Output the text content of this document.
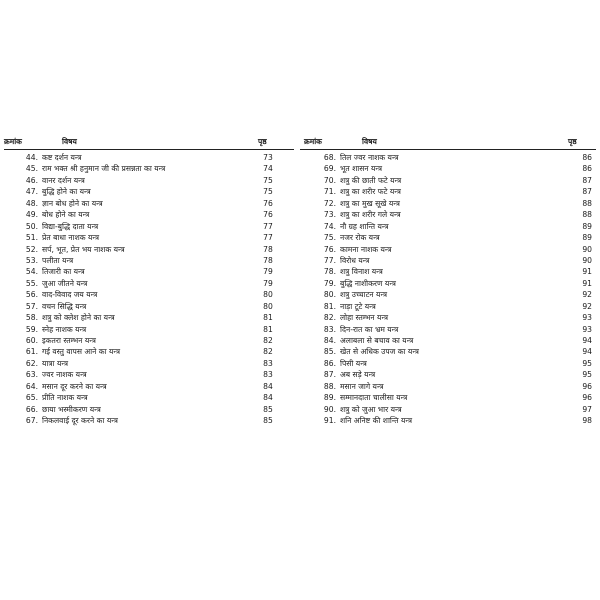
क्रमांक	विषय	पृष्ठ
44. कष्ट दर्शन यन्त्र	73
45. राम भक्त श्री हनुमान जी की प्रसन्नता का यन्त्र	74
46. वानर दर्शन यन्त्र	75
47. बुद्धि होने का यन्त्र	75
48. ज्ञान बोध होने का यन्त्र	76
49. बोध होने का यन्त्र	76
50. विद्या-बुद्धि दाता यन्त्र	77
51. प्रेत बाधा नाशक यन्त्र	77
52. सर्प, भूत, प्रेत भय नाशक यन्त्र	78
53. पलीता यन्त्र	78
54. तिजारी का यन्त्र	79
55. जुआ जीतने यन्त्र	79
56. वाद-विवाद जय यन्त्र	80
57. वचन सिद्धि यन्त्र	80
58. शत्रु को क्लेश होने का यन्त्र	81
59. स्नेह नाशक यन्त्र	81
60. इकतरा स्तम्भन यन्त्र	82
61. गई वस्तु वापस आने का यन्त्र	82
62. यात्रा यन्त्र	83
63. ज्वर नाशक यन्त्र	83
64. मसान दूर करने का यन्त्र	84
65. प्रीति नाशक यन्त्र	84
66. छाया भस्मीकरण यन्त्र	85
67. निकलवाई दूर करने का यन्त्र	85
क्रमांक	विषय	पृष्ठ
68. तिल ज्वर नाशक यन्त्र	86
69. भूत शासन यन्त्र	86
70. शत्रु की छाती फटे यन्त्र	87
71. शत्रु का शरीर फटे यन्त्र	87
72. शत्रु का मुख सूखे यन्त्र	88
73. शत्रु का शरीर गले यन्त्र	88
74. नौ ग्रह शान्ति यन्त्र	89
75. नजर रोक यन्त्र	89
76. कामना नाशक यन्त्र	90
77. विरोध यन्त्र	90
78. शत्रु विनाश यन्त्र	91
79. बुद्धि नाशीकरण यन्त्र	91
80. शत्रु उच्चाटन यन्त्र	92
81. नाड़ा टूटे यन्त्र	92
82. लोहा स्तम्भन यन्त्र	93
83. दिन-रात का भ्रम यन्त्र	93
84. अलाबला से बचाव का यन्त्र	94
85. खेत से अधिक उपज का यन्त्र	94
86. पिसी यन्त्र	95
87. अब सड़े यन्त्र	95
88. मसान जागे यन्त्र	96
89. सम्मानदाता चालीसा यन्त्र	96
90. शत्रु को जुआ भार यन्त्र	97
91. शनि अनिष्ट की शान्ति यन्त्र	98
